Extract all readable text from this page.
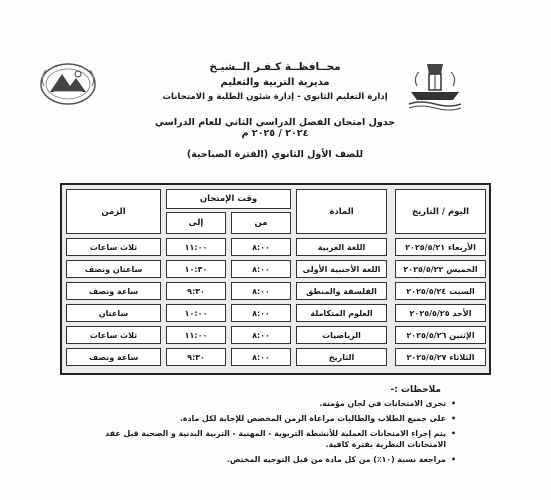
محــافظــة كـفـر الــشيـخ
مديرية التربية والتعليم
إدارة التعليم الثانوي - إدارة شئون الطلبة و الامتحانات
جدول امتحان الفصل الدراسي الثاني للعام الدراسي ٢٠٢٤ / ٢٠٢٥ م
للصف الأول الثانوي (الفترة الصباحية)
اليوم / التاريخ
المادة
وقت الإمتحان
من
إلى
الزمن
الأربعاء ٢٠٢٥/٥/٢١
اللغة العربية
٨:٠٠
١١:٠٠
ثلاث ساعات
الخميس ٢٠٢٥/٥/٢٢
اللغة الأجنبية الأولى
٨:٠٠
١٠:٣٠
ساعتان ونصف
السبت ٢٠٢٥/٥/٢٤
الفلسفة والمنطق
٨:٠٠
٩:٣٠
ساعة ونصف
الأحد ٢٠٢٥/٥/٢٥
العلوم المتكاملة
٨:٠٠
١٠:٠٠
ساعتان
الإثنين ٢٠٢٥/٥/٢٦
الرياضيات
٨:٠٠
١١:٠٠
ثلاث ساعات
الثلاثاء ٢٠٢٥/٥/٢٧
التاريخ
٨:٠٠
٩:٣٠
ساعة ونصف
ملاحظات :-
• تجرى الامتحانات في لجان مؤمنة.
• على جميع الطلاب والطالبات مراعاة الزمن المخصص للإجابة لكل مادة.
• يتم إجراء الامتحانات العملية للأنشطة التربوية - المهنية - التربية البدنية و الصحية قبل عقد الامتحانات النظرية بفترة كافية.
• مراجعة نسبة (١٠٪) من كل مادة من قبل التوجيه المختص.
